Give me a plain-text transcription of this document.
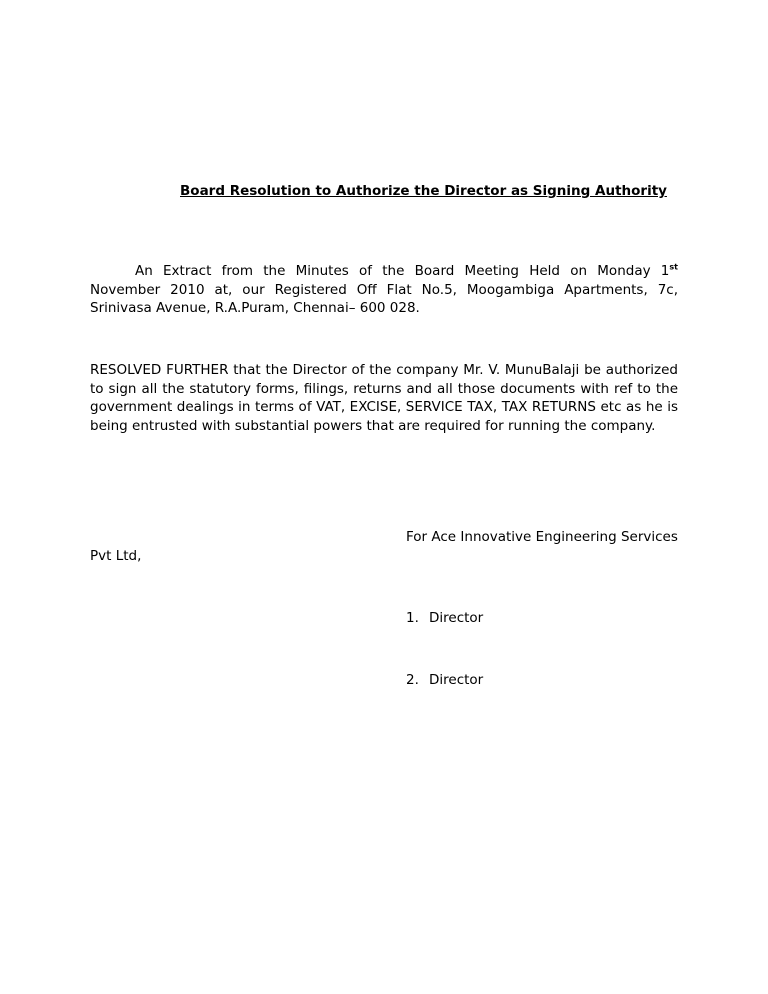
Board Resolution to Authorize the Director as Signing Authority

An Extract from the Minutes of the Board Meeting Held on Monday 1st November 2010 at, our Registered Off Flat No.5, Moogambiga Apartments, 7c, Srinivasa Avenue, R.A.Puram, Chennai– 600 028.

RESOLVED FURTHER that the Director of the company Mr. V. MunuBalaji be authorized to sign all the statutory forms, filings, returns and all those documents with ref to the government dealings in terms of VAT, EXCISE, SERVICE TAX, TAX RETURNS etc as he is being entrusted with substantial powers that are required for running the company.

For Ace Innovative Engineering Services Pvt Ltd,

1. Director

2. Director
